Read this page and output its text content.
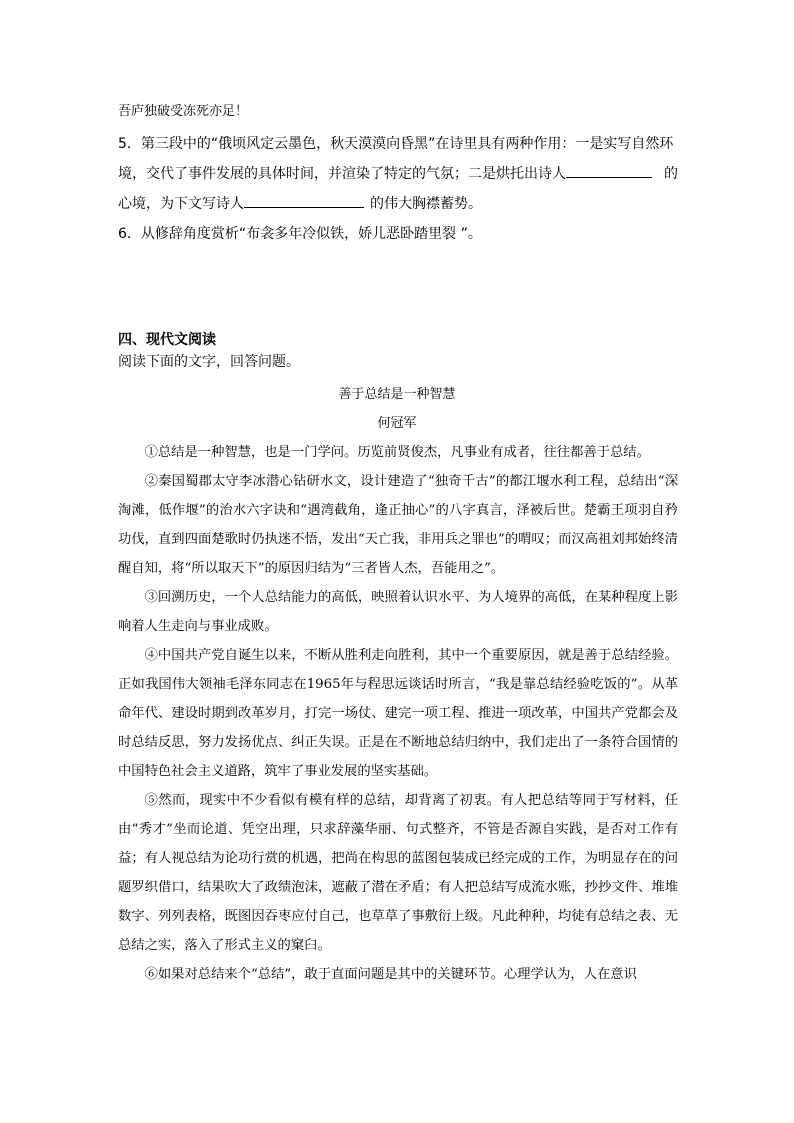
吾庐独破受冻死亦足！
5．第三段中的“俄顷风定云墨色，秋天漠漠向昏黑”在诗里具有两种作用：一是实写自然环
境，交代了事件发展的具体时间，并渲染了特定的气氛；二是烘托出诗人	的
心境，为下文写诗人	的伟大胸襟蓄势。
6．从修辞角度赏析“布衾多年冷似铁，娇儿恶卧踏里裂 ”。
四、现代文阅读
阅读下面的文字，回答问题。
善于总结是一种智慧
何冠军

①总结是一种智慧，也是一门学问。历览前贤俊杰，凡事业有成者，往往都善于总结。

②秦国蜀郡太守李冰潜心钻研水文，设计建造了“独奇千古”的都江堰水利工程，总结出“深淘滩，低作堰”的治水六字诀和“遇湾截角，逢正抽心”的八字真言，泽被后世。楚霸王项羽自矜功伐，直到四面楚歌时仍执迷不悟，发出“天亡我，非用兵之罪也”的喟叹；而汉高祖刘邦始终清醒自知，将“所以取天下”的原因归结为“三者皆人杰，吾能用之”。

③回溯历史，一个人总结能力的高低，映照着认识水平、为人境界的高低，在某种程度上影响着人生走向与事业成败。

④中国共产党自诞生以来，不断从胜利走向胜利，其中一个重要原因，就是善于总结经验。正如我国伟大领袖毛泽东同志在1965年与程思远谈话时所言，“我是靠总结经验吃饭的”。从革命年代、建设时期到改革岁月，打完一场仗、建完一项工程、推进一项改革，中国共产党都会及时总结反思，努力发扬优点、纠正失误。正是在不断地总结归纳中，我们走出了一条符合国情的中国特色社会主义道路，筑牢了事业发展的坚实基础。

⑤然而，现实中不少看似有模有样的总结，却背离了初衷。有人把总结等同于写材料，任由“秀才”坐而论道、凭空出理，只求辞藻华丽、句式整齐，不管是否源自实践，是否对工作有益；有人视总结为论功行赏的机遇，把尚在构思的蓝图包装成已经完成的工作，为明显存在的问题罗织借口，结果吹大了政绩泡沫，遮蔽了潜在矛盾；有人把总结写成流水账，抄抄文件、堆堆数字、列列表格，既图因吞枣应付自己，也草草了事敷衍上级。凡此种种，均徒有总结之表、无总结之实，落入了形式主义的窠臼。

⑥如果对总结来个“总结”，敢于直面问题是其中的关键环节。心理学认为，人在意识
